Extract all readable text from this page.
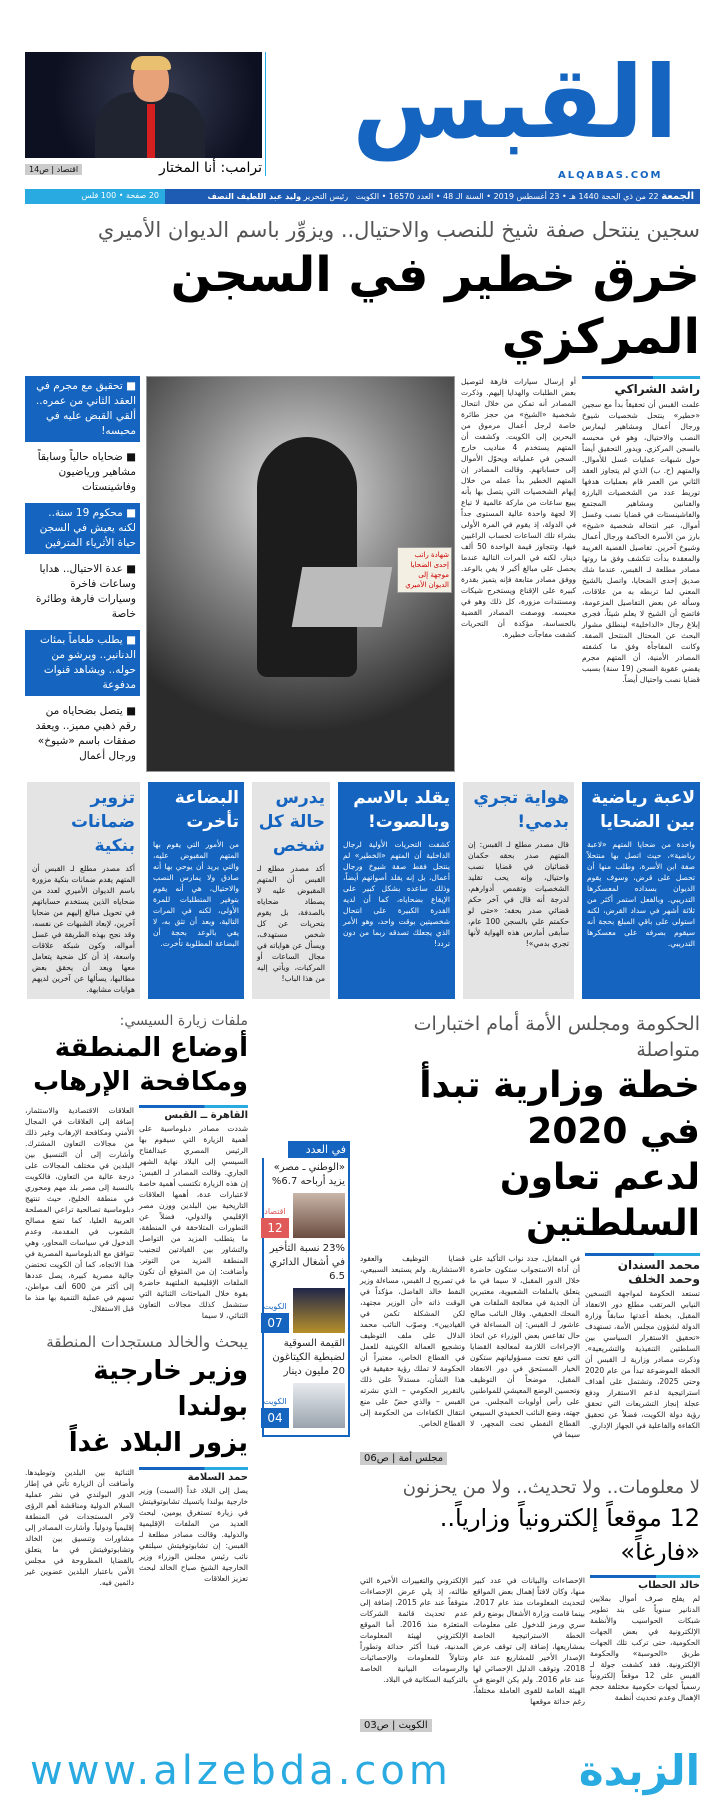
ترامب: أنا المختار
اقتصاد | ص14
القبس
ALQABAS.COM
الجمعة 22 من ذي الحجة 1440 هـ • 23 أغسطس 2019 • السنة الـ 48 • العدد 16570 • الكويت   رئيس التحرير وليد عبد اللطيف النصف
20 صفحة • 100 فلس
سجين ينتحل صفة شيخ للنصب والاحتيال.. ويزوِّر باسم الديوان الأميري
خرق خطير في السجن المركزي
راشد الشراكي
علمت القبس أن تحقيقاً بدأ مع سجين «خطير» ينتحل شخصيات شيوخ ورجال أعمال ومشاهير ليمارس النصب والاحتيال، وهو في محبسه بالسجن المركزي. ويدور التحقيق أيضاً حول شبهات عمليات غسل للأموال. والمتهم (ح. ب) الذي لم يتجاوز العقد الثاني من العمر قام بعمليات هدفها توريط عدد من الشخصيات البارزة والفنانين ومشاهير المجتمع والفاشينستات في قضايا نصب وغسل أموال، عبر انتحاله شخصية «شيخ» بارز من الأسرة الحاكمة ورجال أعمال وشيوخ آخرين. تفاصيل القضية الغريبة والمعقدة بدأت تتكشف وفق ما روتها مصادر مطلعة لـ القبس، عندما شك صديق إحدى الضحايا، واتصل بالشيخ المعني لما تربطه به من علاقات، وسأله عن بعض التفاصيل المزعومة، فاتضح أن الشيخ لا يعلم شيئاً، فجرى إبلاغ رجال «الداخلية» لينطلق مشوار البحث عن المحتال المنتحل الصفة. وكانت المفاجأة وفق ما كشفته المصادر الأمنية، أن المتهم مجرم يقضي عقوبة السجن (19 سنة) بسبب قضايا نصب واحتيال أيضاً.
أو إرسال سيارات فارهة لتوصيل بعض الطلبات والهدايا إليهم. وذكرت المصادر أنه تمكن من خلال انتحال شخصية «الشيخ» من حجز طائرة خاصة لرجل أعمال مرموق من البحرين إلى الكويت. وكشفت أن المتهم يستخدم 4 مناديب خارج السجن في عملياته ويحوّل الأموال إلى حساباتهم. وقالت المصادر إن المتهم الخطير بدأ عمله من خلال إيهام الشخصيات التي يتصل بها بأنه يبيع ساعات من ماركة عالمية لا تباع إلا لجهة واحدة عالية المستوى جداً في الدولة، إذ يقوم في المرة الأولى بشراء تلك الساعات لحساب الراغبين فيها، وتتجاوز قيمة الواحدة 50 ألف دينار، لكنه في المرات التالية عندما يحصل على مبالغ أكبر لا يفي بالوعد. ووفق مصادر متابعة فإنه يتميز بقدرة كبيرة على الإقناع ويستخرج شيكات ومستندات مزورة، كل ذلك وهو في محبسه. ووصفت المصادر القضية بالحساسة، مؤكدة أن التحريات كشفت مفاجآت خطيرة.
شهادة راتب إحدى الضحايا موجهة إلى الديوان الأميري
■ تحقيق مع مجرم في العقد الثاني من عمره.. ألقي القبض عليه في محبسه!
■ ضحاياه حالياً وسابقاً مشاهير ورياضيون وفاشينستات
■ محكوم 19 سنة.. لكنه يعيش في السجن حياة الأثرياء المترفين
■ عدة الاحتيال.. هدايا وساعات فاخرة وسيارات فارهة وطائرة خاصة
■ يطلب طعاماً بمئات الدنانير.. ويرشو من حوله.. ويشاهد قنوات مدفوعة
■ يتصل بضحاياه من رقم ذهبي مميز.. ويعقد صفقات باسم «شيوخ» ورجال أعمال
لاعبة رياضية بين الضحايا

واحدة من ضحايا المتهم «لاعبة رياضية»، حيث اتصل بها منتحلاً صفة ابن الأسرة، وطلب منها أن تحصل على قرض، وسوف يقوم الديوان بسداده لمعسكرها التدريبي. وبالفعل استمر أكثر من ثلاثة أشهر في سداد القرض، لكنه استولى على باقي المبلغ بحجة أنه سيقوم بصرفه على معسكرها التدريبي.

هواية تجري بدمي!

قال مصدر مطلع لـ القبس: إن المتهم صدر بحقه حكمان قضائيان في قضايا نصب واحتيال، وإنه يحب تقليد الشخصيات وتقمص أدوارهم، لدرجة أنه قال في آخر حكم قضائي صدر بحقه: «حتى لو حكمتم علي بالسجن 100 عام، سأبقى أمارس هذه الهواية لأنها تجري بدمي»!

يقلد بالاسم وبالصوت!

كشفت التحريات الأولية لرجال الداخلية أن المتهم «الخطير» لم ينتحل فقط صفة شيوخ ورجال أعمال، بل إنه يقلد أصواتهم أيضاً، وذلك ساعده بشكل كبير على الإيقاع بضحاياه، كما أن لديه القدرة الكبيرة على انتحال شخصيتين بوقت واحد، وهو الأمر الذي يجعلك تصدقه ربما من دون تردد!

يدرس حالة كل شخص

أكد مصدر مطلع لـ القبس أن المتهم المقبوض عليه لا يصطاد ضحاياه بالصدفة، بل يقوم بتحريات عن كل شخص مستهدف، ويسأل عن هواياته في مجال الساعات أو المركبات، ويأتي إليه من هذا الباب!

البضاعة تأخرت

من الأمور التي يقوم بها المتهم المقبوض عليه، والتي يريد أن يوحي بها أنه صادق ولا يمارس النصب والاحتيال، هي أنه يقوم بتوفير المتطلبات للمرة الأولى، لكنه في المرات التالية، وبعد أن تثق به، لا يفي بالوعد بحجة أن البضاعة المطلوبة تأخرت.

تزوير ضمانات بنكية

أكد مصدر مطلع لـ القبس أن المتهم يقدم ضمانات بنكية مزورة باسم الديوان الأميري لعدد من ضحاياه الذين يستخدم حساباتهم في تحويل مبالغ إليهم من ضحايا آخرين، لإبعاد الشبهات عن نفسه، وقد نجح بهذه الطريقة في غسل أمواله، وكون شبكة علاقات واسعة، إذ أن كل ضحية يتعامل معها ويعد أن يحقق بعض مطالبها، يسألها عن آخرين لديهم هوايات مشابهة.

الحكومة ومجلس الأمة أمام اختبارات متواصلة
خطة وزارية تبدأ في 2020
لدعم تعاون السلطتين
محمد السندان وحمد الخلف
تستعد الحكومة لمواجهة التسخين النيابي المرتقب مطلع دور الانعقاد المقبل، بخطة أعدتها سابقاً وزارة الدولة لشؤون مجلس الأمة، تستهدف «تحقيق الاستقرار السياسي بين السلطتين التنفيذية والتشريعية». وذكرت مصادر وزارية لـ القبس أن الخطة الموضوعة تبدأ من عام 2020 وحتى 2025، وتشتمل على أهداف استراتيجية لدعم الاستقرار ودفع عجلة إنجاز التشريعات التي تحقق رؤية دولة الكويت، فضلاً عن تحقيق الكفاءة والفاعلية في الجهاز الإداري.
في المقابل، جدد نواب التأكيد على أن أداة الاستجواب ستكون حاضرة خلال الدور المقبل، لا سيما في ما يتعلق بالملفات الشعبوية، معتبرين أن الجدية في معالجة الملفات هي المحك الحقيقي. وقال النائب صالح عاشور لـ القبس: إن المساءلة في حال تقاعس بعض الوزراء عن اتخاذ الإجراءات اللازمة لمعالجة القضايا التي تقع تحت مسؤولياتهم ستكون الخيار المستحق في دور الانعقاد المقبل، موضحاً أن التوظيف وتحسين الوضع المعيشي للمواطنين على رأس أولويات المجلس. من جهته، وضع النائب الحميدي السبيعي القطاع النفطي تحت المجهر، لا سيما في
قضايا التوظيف والعقود الاستشارية. ولم يستبعد السبيعي، في تصريح لـ القبس، مساءلة وزير النفط خالد الفاضل، مؤكداً في الوقت ذاته «أن الوزير مجتهد، لكن المشكلة تكمن في القياديين». وصوّب النائب محمد الدلال على ملف التوظيف وتشجيع العمالة الكويتية للعمل في القطاع الخاص، معتبراً أن الحكومة لا تملك رؤية حقيقية في هذا الشأن، مستدلاً على ذلك بالتقرير الحكومي – الذي نشرته القبس – والذي حضّ على منع انتقال الكفاءات من الحكومة إلى القطاع الخاص.
مجلس أمة | ص06
لا معلومات.. ولا تحديث.. ولا من يحزنون
12 موقعاً إلكترونياً وزارياً.. «فارغاً»
خالد الحطاب
لم يفلح صرف أموال بملايين الدنانير سنوياً على بند تطوير شبكات الحواسيب والأنظمة الإلكترونية في بعض الجهات الحكومية، حتى تركب تلك الجهات طريق «الحوسبة» والحكومة الإلكترونية. فقد كشفت جولة لـ القبس على 12 موقعاً إلكترونياً رسمياً لجهات حكومية مختلفة حجم الإهمال وعدم تحديث أنظمة
الإحصاءات والبيانات في عدد كبير منها، وكان لافتاً إهمال بعض المواقع لتحديث المعلومات منذ عام 2017، بينما قامت وزارة الأشغال بوضع رقم سري ورمز للدخول على معلومات الخطة الاستراتيجية الخاصة بمشاريعها، إضافة إلى توقف عرض الإصدار الأخير للمشاريع عند عام 2018، وتوقف الدليل الإحصائي لها عند عام 2016. ولم يكن الوضع في الهيئة العامة للقوى العاملة مختلفاً، رغم حداثة موقعها
الإلكتروني والتغييرات الأخيرة التي طالته، إذ يلي عرض الإحصاءات متوقفاً عند عام 2015، إضافة إلى عدم تحديث قائمة الشركات المتعثرة منذ 2016. أما الموقع الإلكتروني لهيئة المعلومات المدنية، فبدا أكثر حداثة وتطوراً وتناولاً للمعلومات والإحصائيات والرسومات البيانية الخاصة بالتركيبة السكانية في البلاد.
الكويت | ص03
في العدد
«الوطني ـ مصر» يزيد أرباحه 6.7%
اقتصاد
12
23% نسبة التأخير في أشغال الدائري 6.5
الكويت
07
القيمة السوقية لضبطية الكيتاغون 20 مليون دينار
الكويت
04
ملفات زيارة السيسي:
أوضاع المنطقة
ومكافحة الإرهاب
القاهرة ــ القبس
شددت مصادر دبلوماسية على أهمية الزيارة التي سيقوم بها الرئيس المصري عبدالفتاح السيسي إلى البلاد نهاية الشهر الجاري. وقالت المصادر لـ القبس: إن هذه الزيارة تكتسب أهمية خاصة لاعتبارات عدة، أهمها العلاقات التاريخية بين البلدين ووزن مصر الإقليمي والدولي، فضلاً عن التطورات المتلاحقة في المنطقة، ما يتطلب المزيد من التواصل والتشاور بين القيادتين لتجنيب المنطقة المزيد من التوتر. وأضافت: إن من المتوقع أن تكون الملفات الإقليمية الملتهبة حاضرة بقوة خلال المباحثات الثنائية التي ستشمل كذلك مجالات التعاون الثنائي، لا سيما
العلاقات الاقتصادية والاستثمار، إضافة إلى العلاقات في المجال الأمني ومكافحة الإرهاب وغير ذلك من مجالات التعاون المشترك. وأشارت إلى أن التنسيق بين البلدين في مختلف المجالات على درجة عالية من التعاون، فالكويت بالنسبة إلى مصر بلد مهم ومحوري في منطقة الخليج، حيث تنتهج دبلوماسية تصالحية تراعي المصلحة العربية العليا، كما تضع مصالح الشعوب في المقدمة، وعدم الدخول في سياسات المحاور، وهي تتوافق مع الدبلوماسية المصرية في هذا الاتجاه، كما أن الكويت تحتضن جالية مصرية كبيرة، يصل عددها إلى أكثر من 600 ألف مواطن، تسهم في عملية التنمية بها منذ ما قبل الاستقلال.
يبحث والخالد مستجدات المنطقة
وزير خارجية بولندا
يزور البلاد غداً
حمد السلامة
يصل إلى البلاد غداً (السبت) وزير خارجية بولندا ياتسيك تشابوتوفيتش في زيارة تستغرق يومين، لبحث العديد من الملفات الإقليمية والدولية. وقالت مصادر مطلعة لـ القبس: إن تشابوتوفيتش سيلتقي نائب رئيس مجلس الوزراء وزير الخارجية الشيخ صباح الخالد لبحث تعزيز العلاقات
الثنائية بين البلدين وتوطيدها. وأضافت أن الزيارة تأتي في إطار الدور البولندي في نشر عملية السلام الدولية ومناقشة أهم الرؤى لآخر المستجدات في المنطقة إقليمياً ودولياً. وأشارت المصادر إلى مشاورات وتنسيق بين الخالد وتشابوتوفيتش في ما يتعلق بالقضايا المطروحة في مجلس الأمن باعتبار البلدين عضوين غير دائمين فيه.
www.alzebda.com	الزبدة
